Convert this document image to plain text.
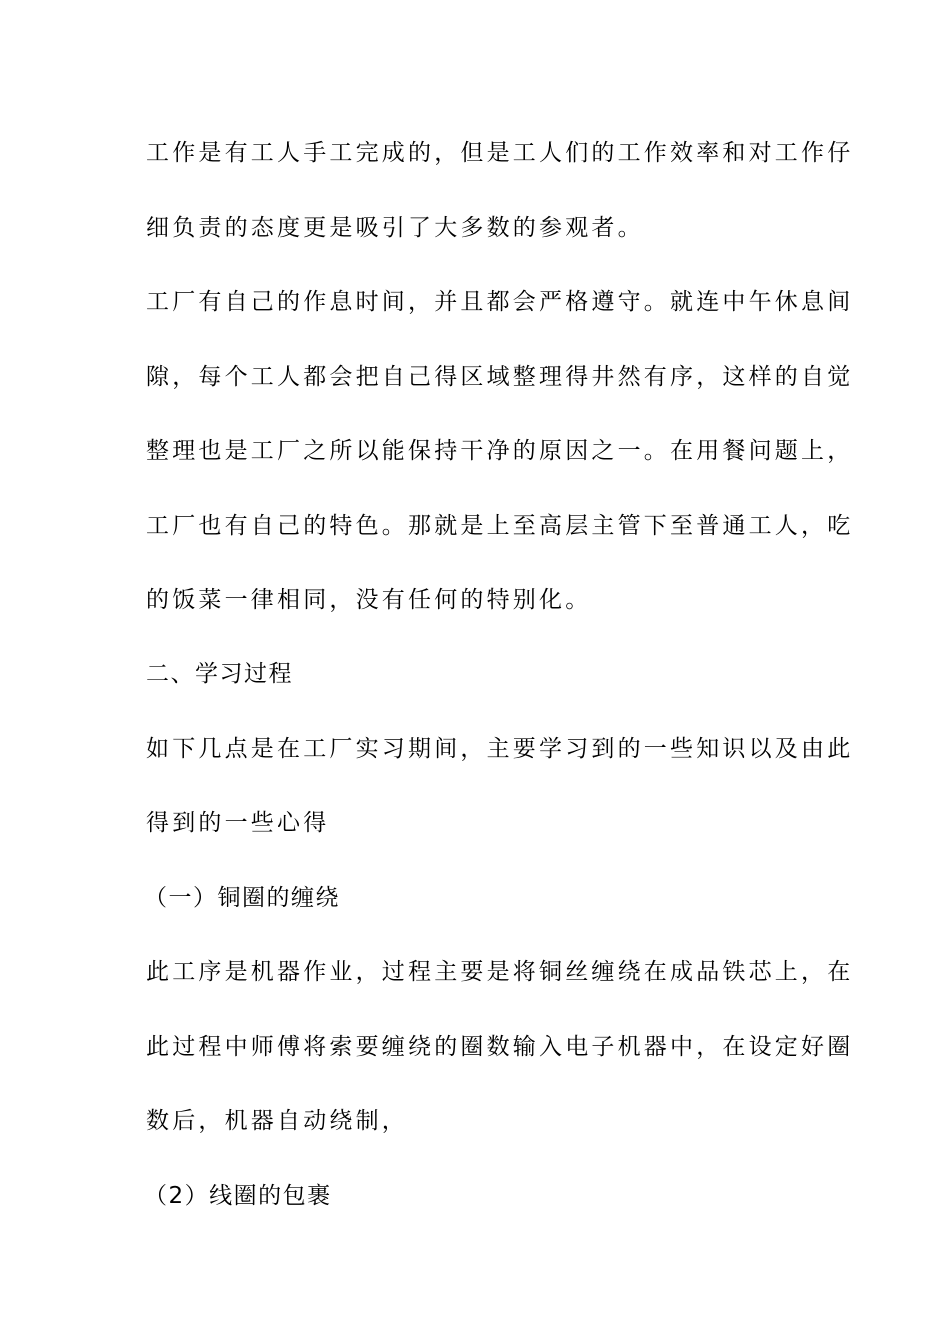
工作是有工人手工完成的，但是工人们的工作效率和对工作仔
细负责的态度更是吸引了大多数的参观者。
工厂有自己的作息时间，并且都会严格遵守。就连中午休息间
隙，每个工人都会把自己得区域整理得井然有序，这样的自觉
整理也是工厂之所以能保持干净的原因之一。在用餐问题上，
工厂也有自己的特色。那就是上至高层主管下至普通工人，吃
的饭菜一律相同，没有任何的特别化。
二、学习过程
如下几点是在工厂实习期间，主要学习到的一些知识以及由此
得到的一些心得
（一）铜圈的缠绕
此工序是机器作业，过程主要是将铜丝缠绕在成品铁芯上，在
此过程中师傅将索要缠绕的圈数输入电子机器中，在设定好圈
数后，机器自动绕制，
（2）线圈的包裹
